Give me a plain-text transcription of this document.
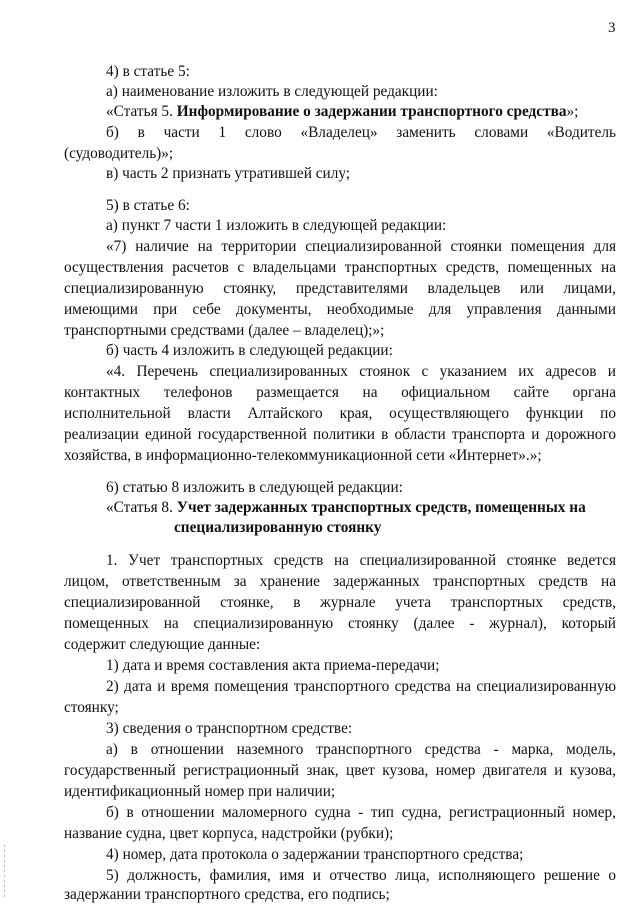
3
4) в статье 5:
а) наименование изложить в следующей редакции:
«Статья 5. Информирование о задержании транспортного средства»;
б) в части 1 слово «Владелец» заменить словами «Водитель
(судоводитель)»;
в) часть 2 признать утратившей силу;
5) в статье 6:
а) пункт 7 части 1 изложить в следующей редакции:
«7) наличие на территории специализированной стоянки помещения для
осуществления расчетов с владельцами транспортных средств, помещенных на
специализированную стоянку, представителями владельцев или лицами,
имеющими при себе документы, необходимые для управления данными
транспортными средствами (далее – владелец);»;
б) часть 4 изложить в следующей редакции:
«4. Перечень специализированных стоянок с указанием их адресов и
контактных телефонов размещается на официальном сайте органа
исполнительной власти Алтайского края, осуществляющего функции по
реализации единой государственной политики в области транспорта и дорожного
хозяйства, в информационно-телекоммуникационной сети «Интернет».»;
6) статью 8 изложить в следующей редакции:
«Статья 8. Учет задержанных транспортных средств, помещенных на
специализированную стоянку
1. Учет транспортных средств на специализированной стоянке ведется
лицом, ответственным за хранение задержанных транспортных средств на
специализированной стоянке, в журнале учета транспортных средств,
помещенных на специализированную стоянку (далее - журнал), который
содержит следующие данные:
1) дата и время составления акта приема-передачи;
2) дата и время помещения транспортного средства на специализированную
стоянку;
3) сведения о транспортном средстве:
а) в отношении наземного транспортного средства - марка, модель,
государственный регистрационный знак, цвет кузова, номер двигателя и кузова,
идентификационный номер при наличии;
б) в отношении маломерного судна - тип судна, регистрационный номер,
название судна, цвет корпуса, надстройки (рубки);
4) номер, дата протокола о задержании транспортного средства;
5) должность, фамилия, имя и отчество лица, исполняющего решение о
задержании транспортного средства, его подпись;
